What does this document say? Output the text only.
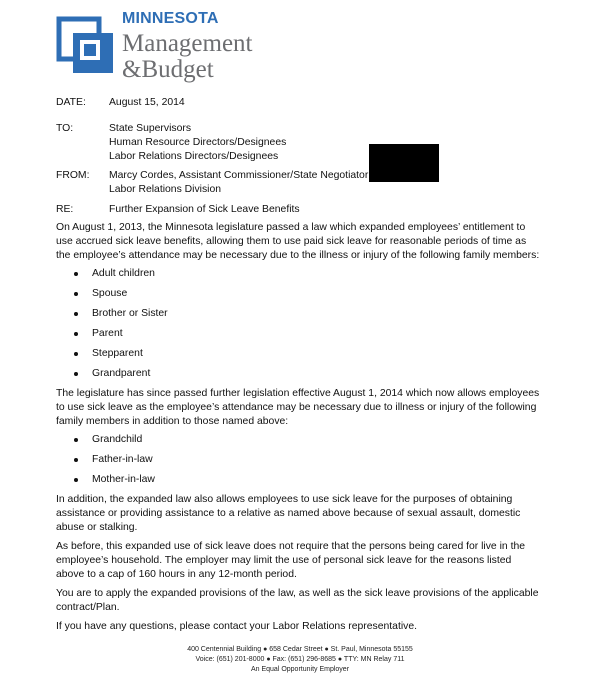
MINNESOTA
Management
&Budget
DATE:	August 15, 2014
TO:	State Supervisors
Human Resource Directors/Designees
Labor Relations Directors/Designees
FROM:	Marcy Cordes, Assistant Commissioner/State Negotiator
Labor Relations Division
RE:	Further Expansion of Sick Leave Benefits

On August 1, 2013, the Minnesota legislature passed a law which expanded employees’ entitlement to use accrued sick leave benefits, allowing them to use paid sick leave for reasonable periods of time as the employee’s attendance may be necessary due to the illness or injury of the following family members:

Adult children
Spouse
Brother or Sister
Parent
Stepparent
Grandparent

The legislature has since passed further legislation effective August 1, 2014 which now allows employees to use sick leave as the employee’s attendance may be necessary due to illness or injury of the following family members in addition to those named above:

Grandchild
Father-in-law
Mother-in-law

In addition, the expanded law also allows employees to use sick leave for the purposes of obtaining assistance or providing assistance to a relative as named above because of sexual assault, domestic abuse or stalking.

As before, this expanded use of sick leave does not require that the persons being cared for live in the employee’s household. The employer may limit the use of personal sick leave for the reasons listed above to a cap of 160 hours in any 12-month period.

You are to apply the expanded provisions of the law, as well as the sick leave provisions of the applicable contract/Plan.

If you have any questions, please contact your Labor Relations representative.

400 Centennial Building ● 658 Cedar Street ● St. Paul, Minnesota 55155
Voice: (651) 201-8000 ● Fax: (651) 296-8685 ● TTY: MN Relay 711
An Equal Opportunity Employer
